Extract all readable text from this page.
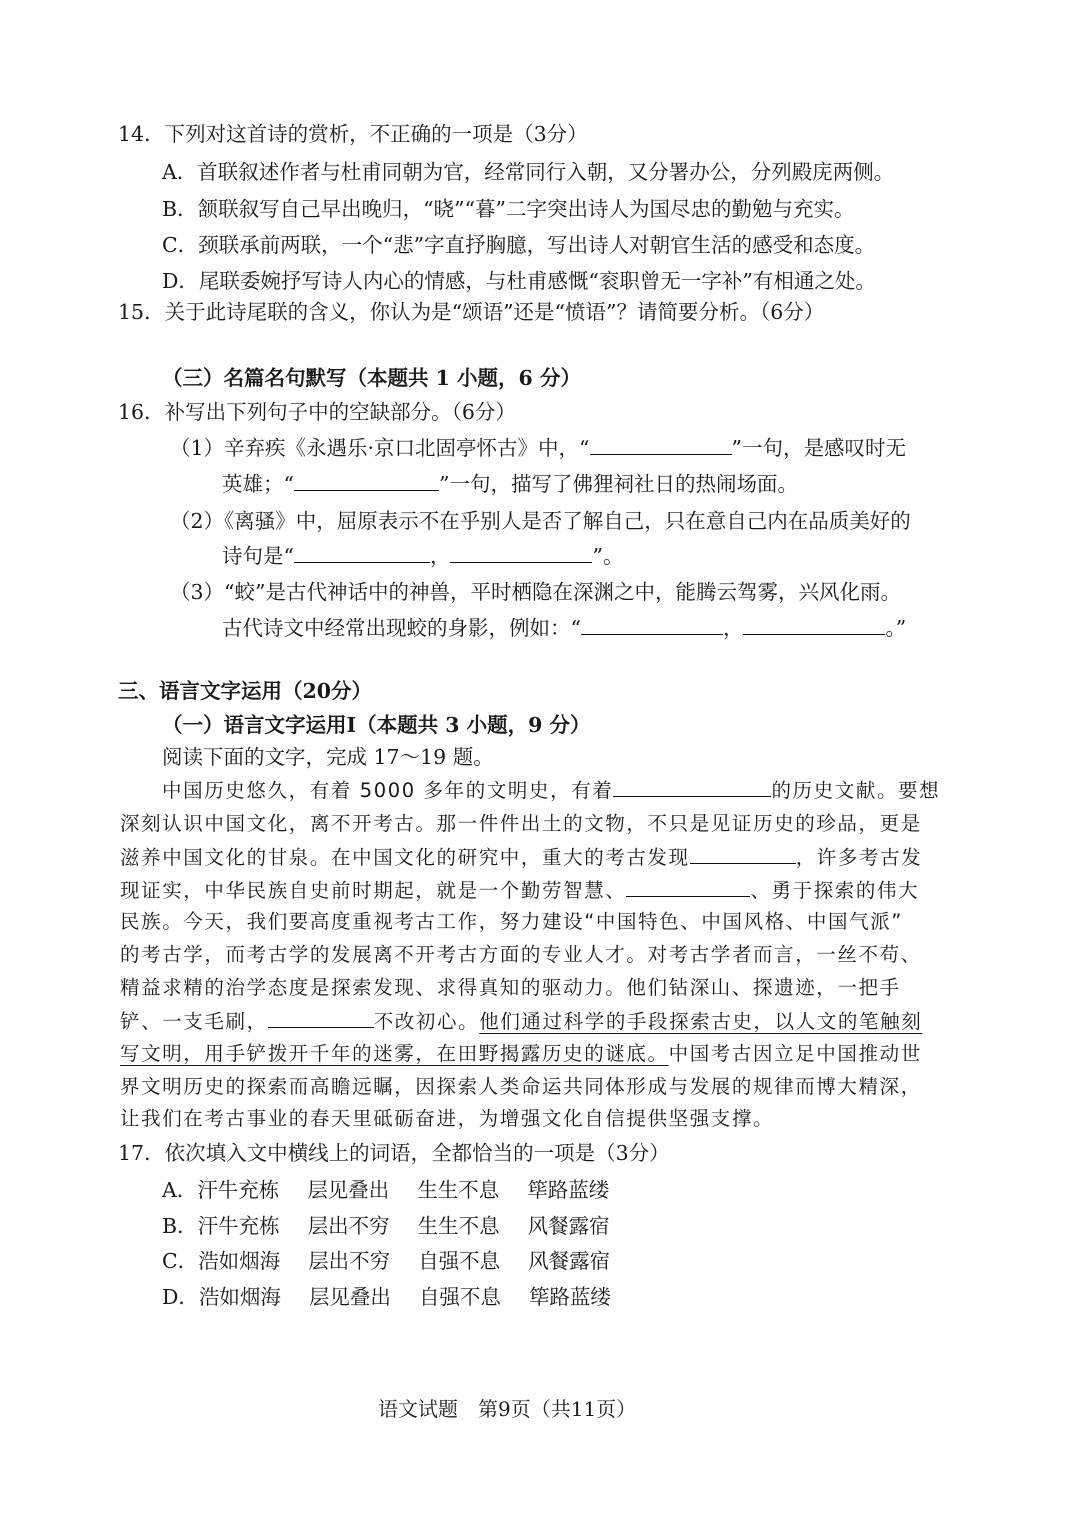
14．下列对这首诗的赏析，不正确的一项是（3分）
A．首联叙述作者与杜甫同朝为官，经常同行入朝，又分署办公，分列殿庑两侧。
B．颔联叙写自己早出晚归，“晓”“暮”二字突出诗人为国尽忠的勤勉与充实。
C．颈联承前两联，一个“悲”字直抒胸臆，写出诗人对朝官生活的感受和态度。
D．尾联委婉抒写诗人内心的情感，与杜甫感慨“衮职曾无一字补”有相通之处。
15．关于此诗尾联的含义，你认为是“颂语”还是“愤语”？请简要分析。（6分）
（三）名篇名句默写（本题共 1 小题，6 分）
16．补写出下列句子中的空缺部分。（6分）
（1）辛弃疾《永遇乐·京口北固亭怀古》中，“	”一句，是感叹时无
英雄；“	”一句，描写了佛狸祠社日的热闹场面。
（2）《离骚》中，屈原表示不在乎别人是否了解自己，只在意自己内在品质美好的
诗句是“	，	”。
（3）“蛟”是古代神话中的神兽，平时栖隐在深渊之中，能腾云驾雾，兴风化雨。
古代诗文中经常出现蛟的身影，例如：“	，	。”
三、语言文字运用（20分）
（一）语言文字运用Ⅰ（本题共 3 小题，9 分）
阅读下面的文字，完成 17～19 题。
中国历史悠久，有着 5000 多年的文明史，有着	的历史文献。要想
深刻认识中国文化，离不开考古。那一件件出土的文物，不只是见证历史的珍品，更是
滋养中国文化的甘泉。在中国文化的研究中，重大的考古发现	，许多考古发
现证实，中华民族自史前时期起，就是一个勤劳智慧、	、勇于探索的伟大
民族。今天，我们要高度重视考古工作，努力建设“中国特色、中国风格、中国气派”
的考古学，而考古学的发展离不开考古方面的专业人才。对考古学者而言，一丝不苟、
精益求精的治学态度是探索发现、求得真知的驱动力。他们钻深山、探遗迹，一把手
铲、一支毛刷，	不改初心。他们通过科学的手段探索古史，以人文的笔触刻
写文明，用手铲拨开千年的迷雾，在田野揭露历史的谜底。中国考古因立足中国推动世
界文明历史的探索而高瞻远瞩，因探索人类命运共同体形成与发展的规律而博大精深，
让我们在考古事业的春天里砥砺奋进，为增强文化自信提供坚强支撑。
17．依次填入文中横线上的词语，全都恰当的一项是（3分）
A．汗牛充栋 层见叠出 生生不息 筚路蓝缕
B．汗牛充栋 层出不穷 生生不息 风餐露宿
C．浩如烟海 层出不穷 自强不息 风餐露宿
D．浩如烟海 层见叠出 自强不息 筚路蓝缕
语文试题　第9页（共11页）
